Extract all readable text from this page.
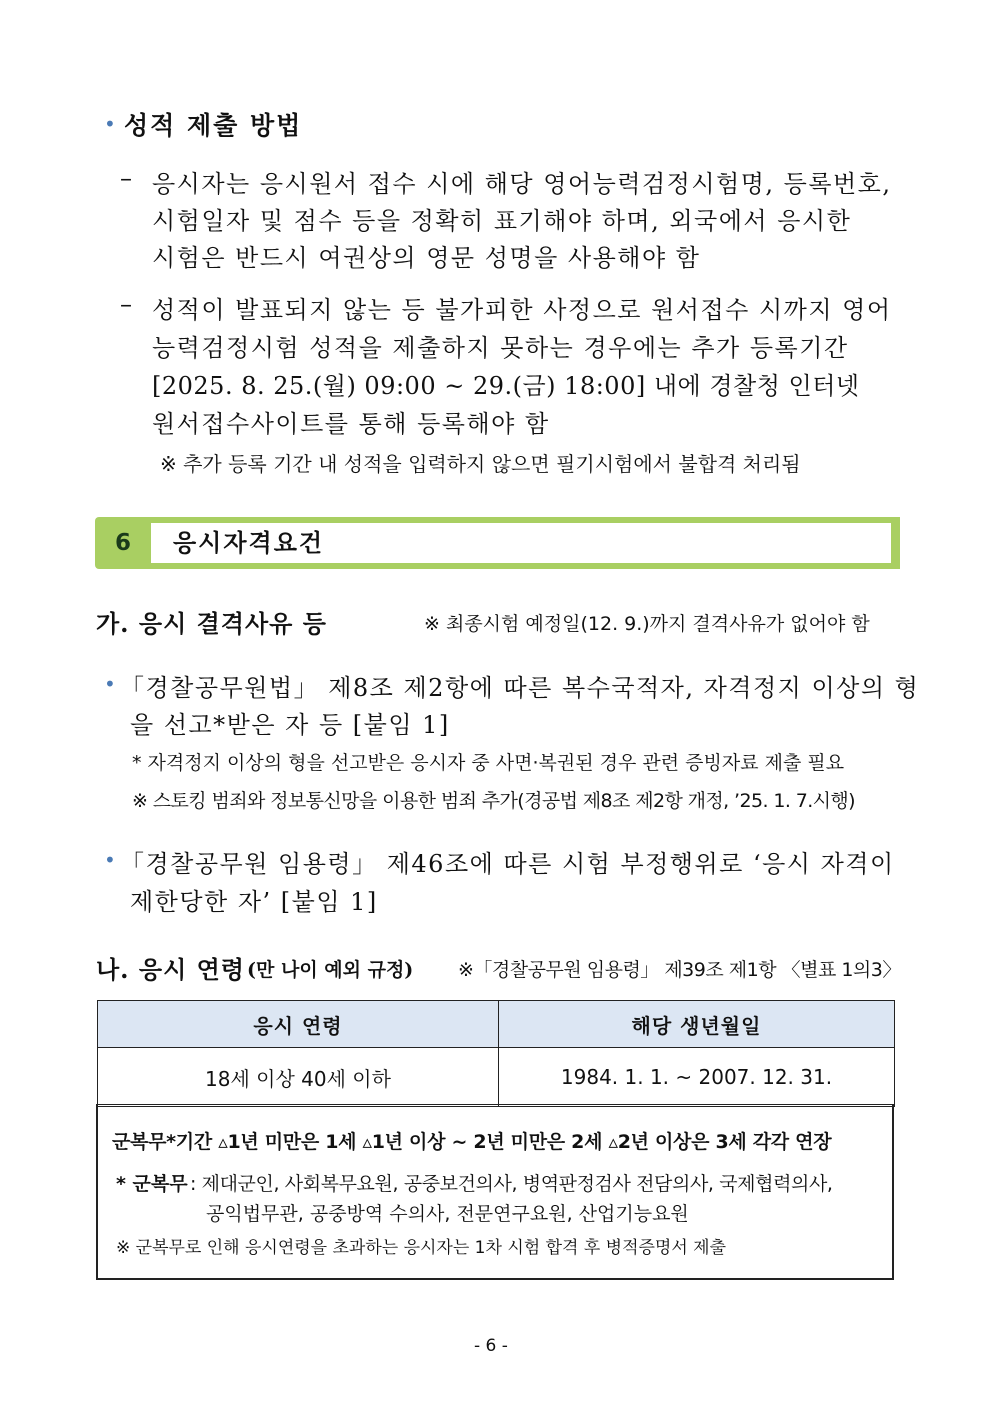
• 성적 제출 방법
– 응시자는 응시원서 접수 시에 해당 영어능력검정시험명, 등록번호,
시험일자 및 점수 등을 정확히 표기해야 하며, 외국에서 응시한
시험은 반드시 여권상의 영문 성명을 사용해야 함
– 성적이 발표되지 않는 등 불가피한 사정으로 원서접수 시까지 영어
능력검정시험 성적을 제출하지 못하는 경우에는 추가 등록기간
[2025. 8. 25.(월) 09:00 ~ 29.(금) 18:00] 내에 경찰청 인터넷
원서접수사이트를 통해 등록해야 함
※ 추가 등록 기간 내 성적을 입력하지 않으면 필기시험에서 불합격 처리됨
6	응시자격요건
가. 응시 결격사유 등	※ 최종시험 예정일(12. 9.)까지 결격사유가 없어야 함
• 「경찰공무원법」 제8조 제2항에 따른 복수국적자, 자격정지 이상의 형
을 선고*받은 자 등 [붙임 1]
* 자격정지 이상의 형을 선고받은 응시자 중 사면·복권된 경우 관련 증빙자료 제출 필요
※ 스토킹 범죄와 정보통신망을 이용한 범죄 추가(경공법 제8조 제2항 개정, ’25. 1. 7.시행)
• 「경찰공무원 임용령」 제46조에 따른 시험 부정행위로 ‘응시 자격이
제한당한 자’ [붙임 1]
나. 응시 연령 (만 나이 예외 규정) ※「경찰공무원 임용령」 제39조 제1항 〈별표 1의3〉
응시 연령	해당 생년월일
18세 이상 40세 이하	1984. 1. 1. ~ 2007. 12. 31.
군복무*기간 ▵1년 미만은 1세 ▵1년 이상 ~ 2년 미만은 2세 ▵2년 이상은 3세 각각 연장
* 군복무 : 제대군인, 사회복무요원, 공중보건의사, 병역판정검사 전담의사, 국제협력의사,
공익법무관, 공중방역 수의사, 전문연구요원, 산업기능요원
※ 군복무로 인해 응시연령을 초과하는 응시자는 1차 시험 합격 후 병적증명서 제출
- 6 -
